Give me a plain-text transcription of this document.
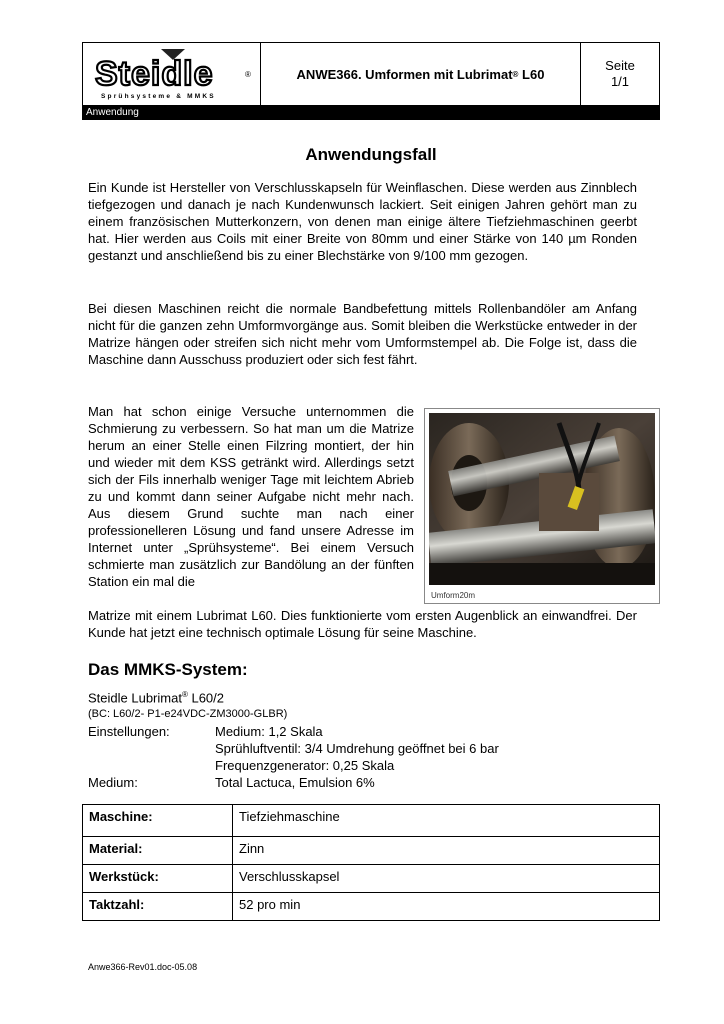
Steidle	®
Sprühsysteme & MMKS
ANWE366. Umformen mit Lubrimat ® L60
Seite
1/1
Anwendung
Anwendungsfall

Ein Kunde ist Hersteller von Verschlusskapseln für Weinflaschen. Diese werden aus Zinnblech tiefgezogen und danach je nach Kundenwunsch lackiert. Seit einigen Jahren gehört man zu einem französischen Mutterkonzern, von denen man einige ältere Tiefziehmaschinen geerbt hat. Hier werden aus Coils mit einer Breite von 80mm und einer Stärke von 140 µm Ronden gestanzt und anschließend bis zu einer Blechstärke von 9/100 mm gezogen.

Bei diesen Maschinen reicht die normale Bandbefettung mittels Rollenbandöler am Anfang nicht für die ganzen zehn Umformvorgänge aus. Somit bleiben die Werkstücke entweder in der Matrize hängen oder streifen sich nicht mehr vom Umformstempel ab. Die Folge ist, dass die Maschine dann Ausschuss produziert oder sich fest fährt.

Man hat schon einige Versuche unternommen die Schmierung zu verbessern. So hat man um die Matrize herum an einer Stelle einen Filzring montiert, der hin und wieder mit dem KSS getränkt wird. Allerdings setzt sich der Fils innerhalb weniger Tage mit leichtem Abrieb zu und kommt dann seiner Aufgabe nicht mehr nach. Aus diesem Grund suchte man nach einer professionelleren Lösung und fand unsere Adresse im Internet unter „Sprühsysteme“. Bei einem Versuch schmierte man zusätzlich zur Bandölung an der fünften Station ein mal die

Umform20m

Matrize mit einem Lubrimat L60. Dies funktionierte vom ersten Augenblick an einwandfrei. Der Kunde hat jetzt eine technisch optimale Lösung für seine Maschine.

Das MMKS-System:
Steidle Lubrimat® L60/2
(BC: L60/2- P1-e24VDC-ZM3000-GLBR)
Einstellungen:	Medium: 1,2 Skala
Sprühluftventil: 3/4 Umdrehung geöffnet bei 6 bar
Frequenzgenerator: 0,25 Skala
Medium:	Total Lactuca, Emulsion 6%
Maschine:	Tiefziehmaschine
Material:	Zinn
Werkstück:	Verschlusskapsel
Taktzahl:	52 pro min
Anwe366-Rev01.doc-05.08
